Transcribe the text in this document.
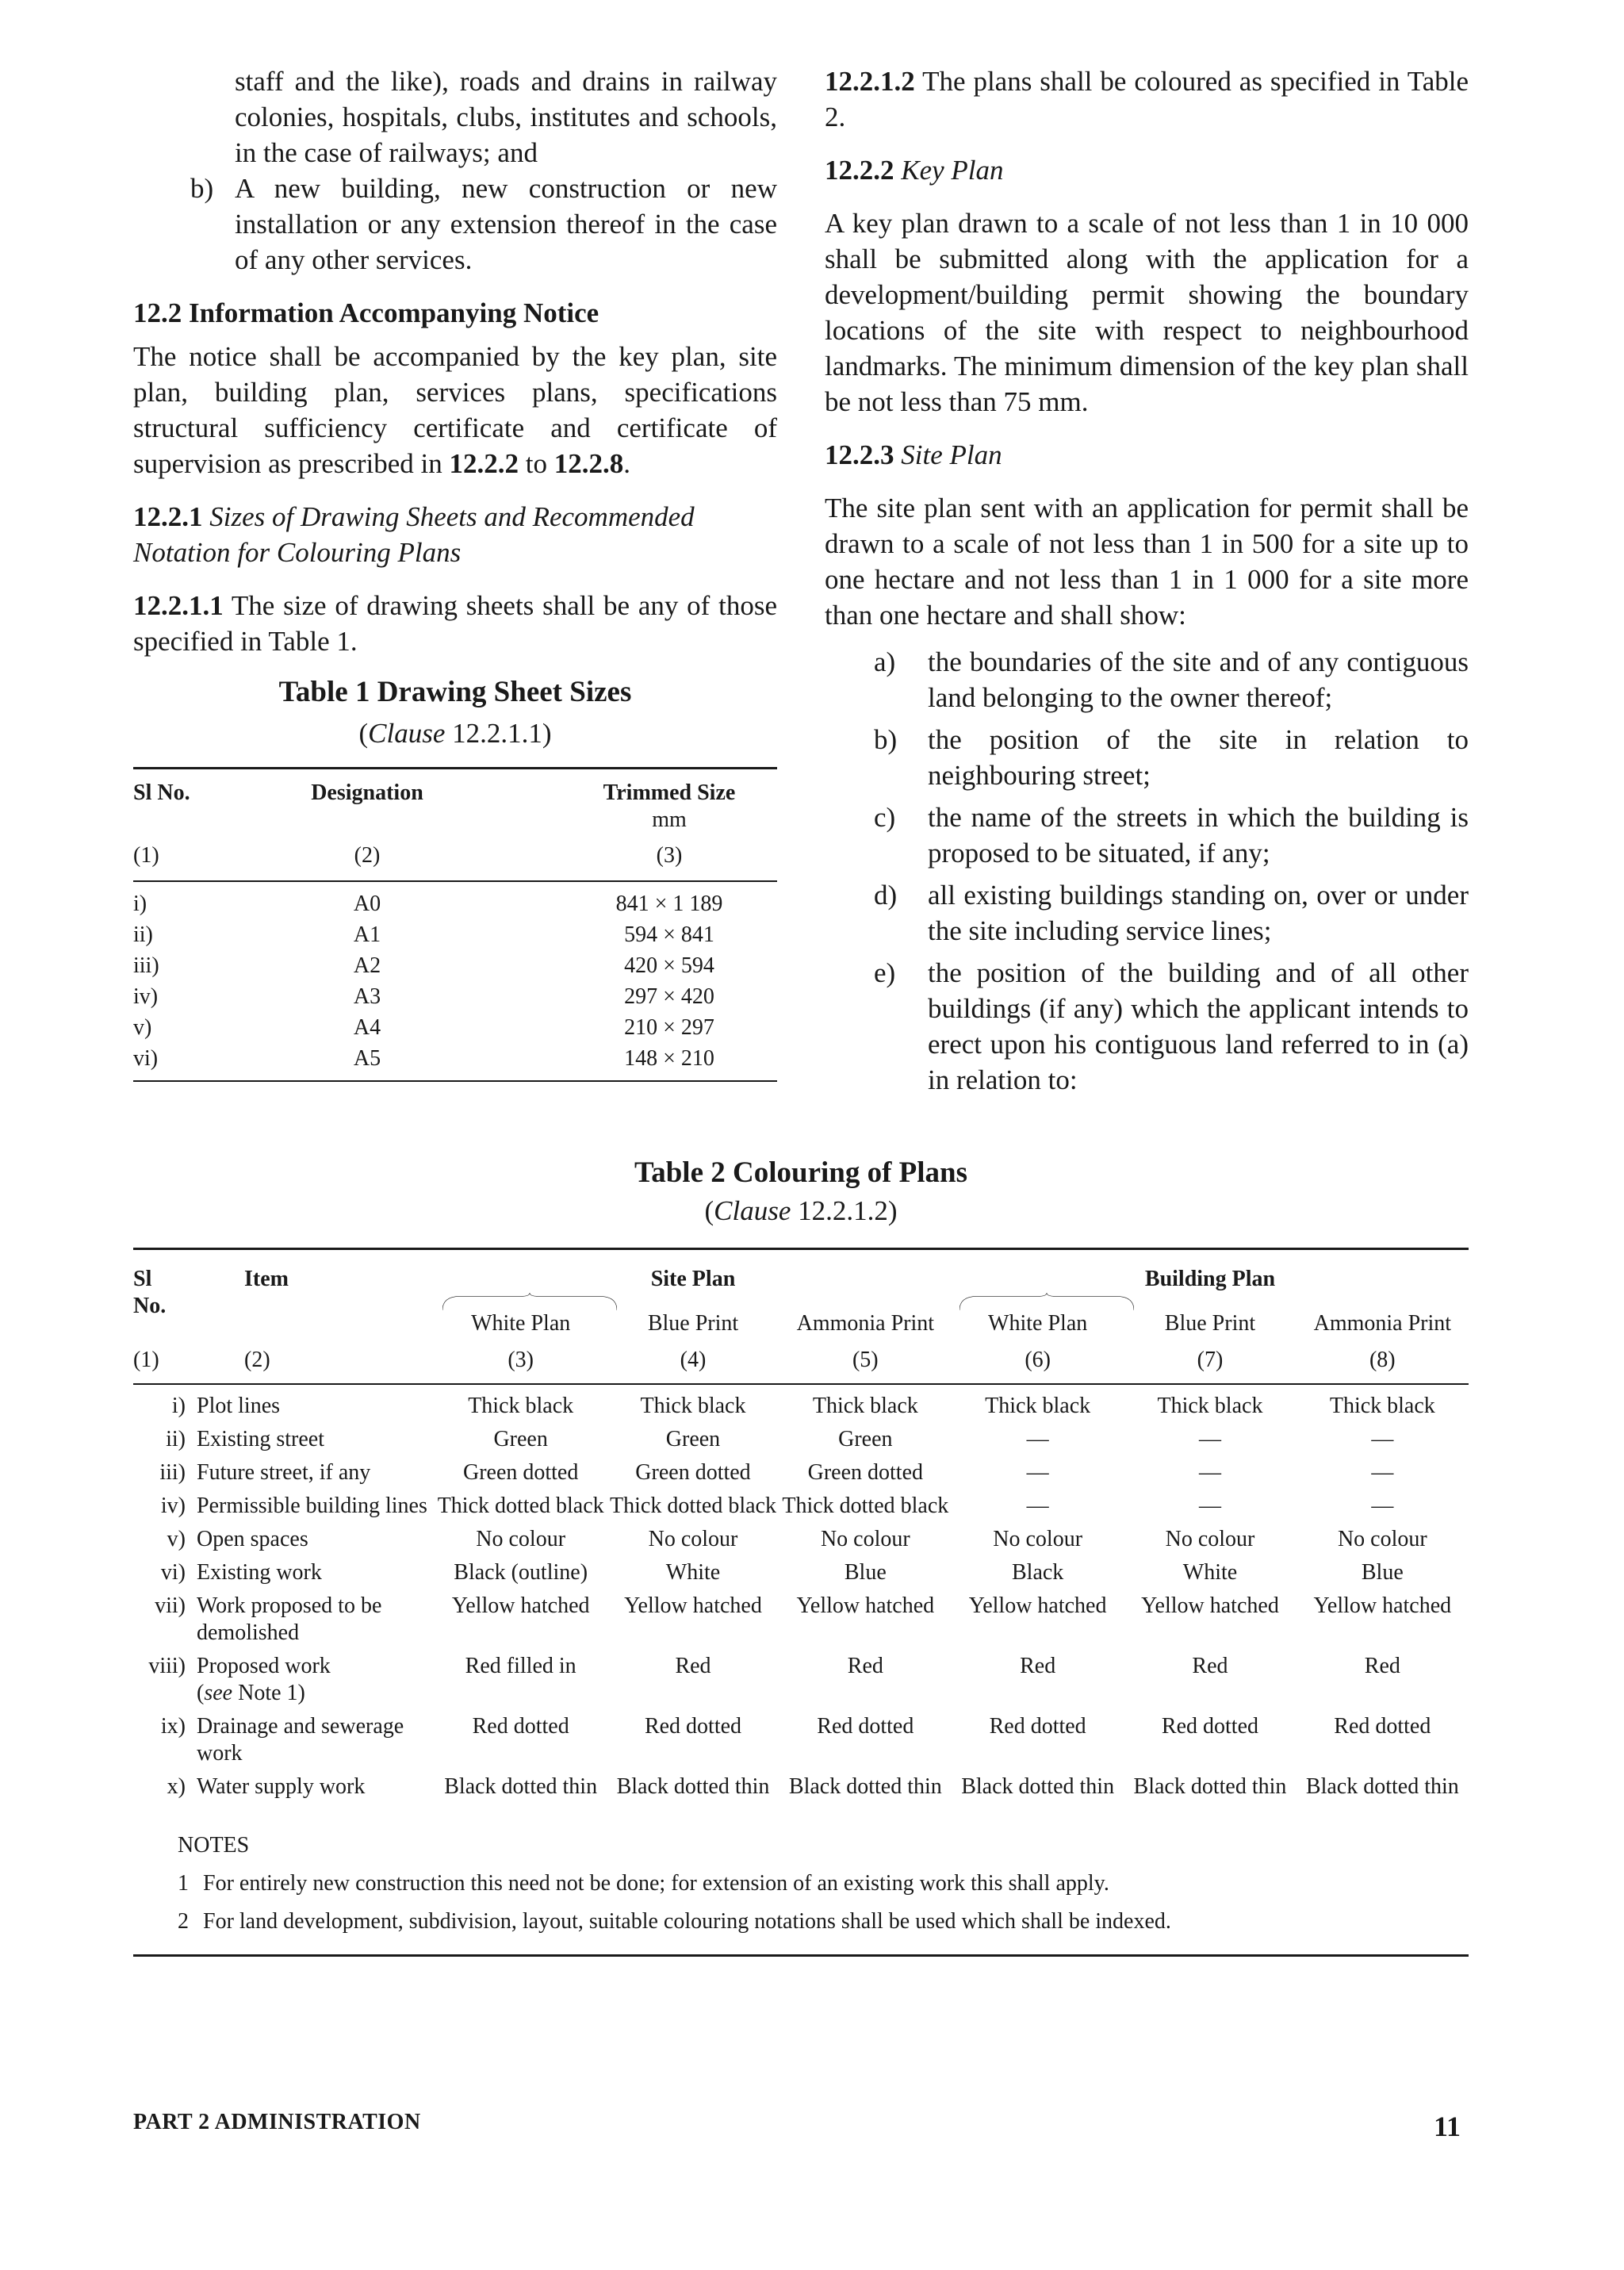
staff and the like), roads and drains in railway colonies, hospitals, clubs, institutes and schools, in the case of railways; and

b) A new building, new construction or new installation or any extension thereof in the case of any other services.

12.2 Information Accompanying Notice

The notice shall be accompanied by the key plan, site plan, building plan, services plans, specifications structural sufficiency certificate and certificate of supervision as prescribed in 12.2.2 to 12.2.8.

12.2.1 Sizes of Drawing Sheets and Recommended Notation for Colouring Plans

12.2.1.1 The size of drawing sheets shall be any of those specified in Table 1.

Table 1 Drawing Sheet Sizes

(Clause 12.2.1.1)

Sl No.	Designation	Trimmed Size
		mm
(1)	(2)	(3)
i)	A0	841 × 1 189
ii)	A1	594 × 841
iii)	A2	420 × 594
iv)	A3	297 × 420
v)	A4	210 × 297
vi)	A5	148 × 210

12.2.1.2 The plans shall be coloured as specified in Table 2.

12.2.2 Key Plan

A key plan drawn to a scale of not less than 1 in 10 000 shall be submitted along with the application for a development/building permit showing the boundary locations of the site with respect to neighbourhood landmarks. The minimum dimension of the key plan shall be not less than 75 mm.

12.2.3 Site Plan

The site plan sent with an application for permit shall be drawn to a scale of not less than 1 in 500 for a site up to one hectare and not less than 1 in 1 000 for a site more than one hectare and shall show:

a)	the boundaries of the site and of any contiguous land belonging to the owner thereof;
b)	the position of the site in relation to neighbouring street;
c)	the name of the streets in which the building is proposed to be situated, if any;
d)	all existing buildings standing on, over or under the site including service lines;
e)	the position of the building and of all other buildings (if any) which the applicant intends to erect upon his contiguous land referred to in (a) in relation to:

Table 2 Colouring of Plans

(Clause 12.2.1.2)

Sl	Item	Site Plan			Building Plan		

No.		White Plan	Blue Print	Ammonia Print	White Plan	Blue Print	Ammonia Print
(1)	(2)	(3)	(4)	(5)	(6)	(7)	(8)
i)	Plot lines	Thick black	Thick black	Thick black	Thick black	Thick black	Thick black
ii)	Existing street	Green	Green	Green	—	—	—
iii)	Future street, if any	Green dotted	Green dotted	Green dotted	—	—	—
iv)	Permissible building lines	Thick dotted black	Thick dotted black	Thick dotted black	—	—	—
v)	Open spaces	No colour	No colour	No colour	No colour	No colour	No colour
vi)	Existing work	Black (outline)	White	Blue	Black	White	Blue
vii)	Work proposed to be demolished	Yellow hatched	Yellow hatched	Yellow hatched	Yellow hatched	Yellow hatched	Yellow hatched
viii)	Proposed work
(see Note 1)	Red filled in	Red	Red	Red	Red	Red
ix)	Drainage and sewerage work	Red dotted	Red dotted	Red dotted	Red dotted	Red dotted	Red dotted
x)	Water supply work	Black dotted thin	Black dotted thin	Black dotted thin	Black dotted thin	Black dotted thin	Black dotted thin

NOTES

1 For entirely new construction this need not be done; for extension of an existing work this shall apply.

2 For land development, subdivision, layout, suitable colouring notations shall be used which shall be indexed.

PART 2 ADMINISTRATION	11
